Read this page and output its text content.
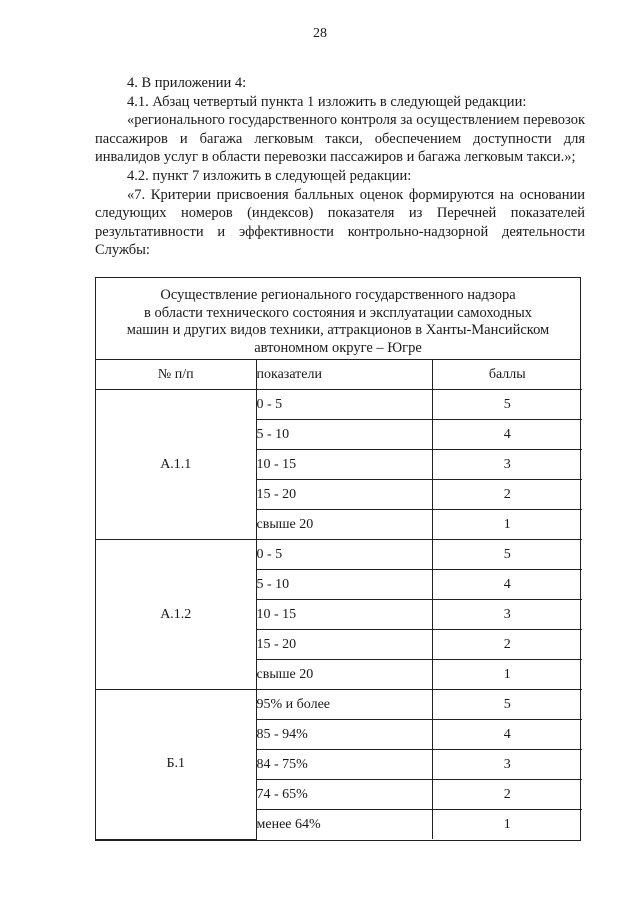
28

4. В приложении 4:

4.1. Абзац четвертый пункта 1 изложить в следующей редакции:

«регионального государственного контроля за осуществлением перевозок пассажиров и багажа легковым такси, обеспечением доступности для инвалидов услуг в области перевозки пассажиров и багажа легковым такси.»;

4.2. пункт 7 изложить в следующей редакции:

«7. Критерии присвоения балльных оценок формируются на основании следующих номеров (индексов) показателя из Перечней показателей результативности и эффективности контрольно-надзорной деятельности Службы:

Осуществление регионального государственного надзора
в области технического состояния и эксплуатации самоходных
машин и других видов техники, аттракционов в Ханты-Мансийском
автономном округе – Югре
№ п/п	показатели	баллы
А.1.1	0 - 5	5
	5 - 10	4
	10 - 15	3
	15 - 20	2
	свыше 20	1
А.1.2	0 - 5	5
	5 - 10	4
	10 - 15	3
	15 - 20	2
	свыше 20	1
Б.1	95% и более	5
	85 - 94%	4
	84 - 75%	3
	74 - 65%	2
	менее 64%	1
